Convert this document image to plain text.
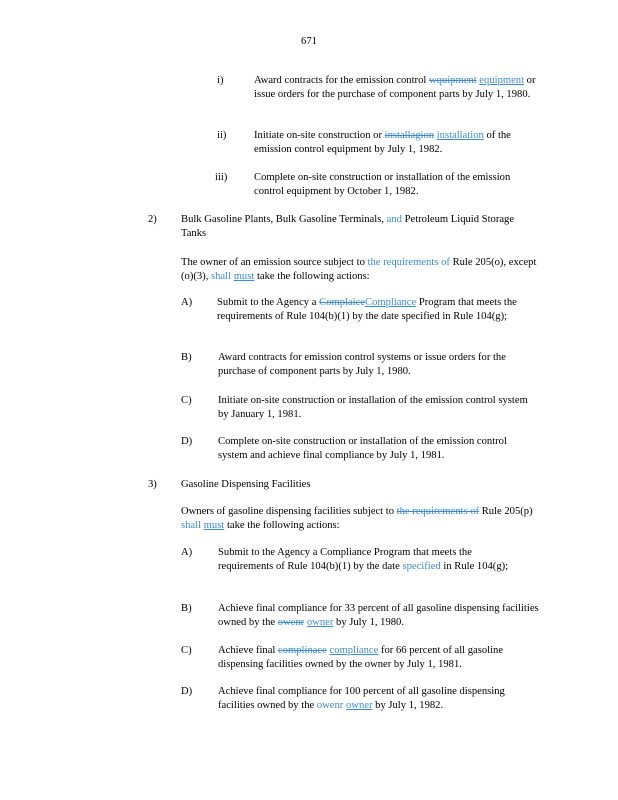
671
i)	Award contracts for the emission control wquipment equipment or issue orders for the purchase of component parts by July 1, 1980.
ii)	Initiate on-site construction or installagion installation of the emission control equipment by July 1, 1982.
iii)	Complete on-site construction or installation of the emission control equipment by October 1, 1982.
2) Bulk Gasoline Plants, Bulk Gasoline Terminals, and Petroleum Liquid Storage Tanks
The owner of an emission source subject to the requirements of Rule 205(o), except (o)(3), shall must take the following actions:
A) Submit to the Agency a ComplaiceCompliance Program that meets the requirements of Rule 104(b)(1) by the date specified in Rule 104(g);
B) Award contracts for emission control systems or issue orders for the purchase of component parts by July 1, 1980.
C) Initiate on-site construction or installation of the emission control system by January 1, 1981.
D) Complete on-site construction or installation of the emission control system and achieve final compliance by July 1, 1981.
3) Gasoline Dispensing Facilities
Owners of gasoline dispensing facilities subject to the requirements of Rule 205(p) shall must take the following actions:
A) Submit to the Agency a Compliance Program that meets the requirements of Rule 104(b)(1) by the date specified in Rule 104(g);
B) Achieve final compliance for 33 percent of all gasoline dispensing facilities owned by the owenr owner by July 1, 1980.
C) Achieve final complinace compliance for 66 percent of all gasoline dispensing facilities owned by the owner by July 1, 1981.
D) Achieve final compliance for 100 percent of all gasoline dispensing facilities owned by the owenr owner by July 1, 1982.
